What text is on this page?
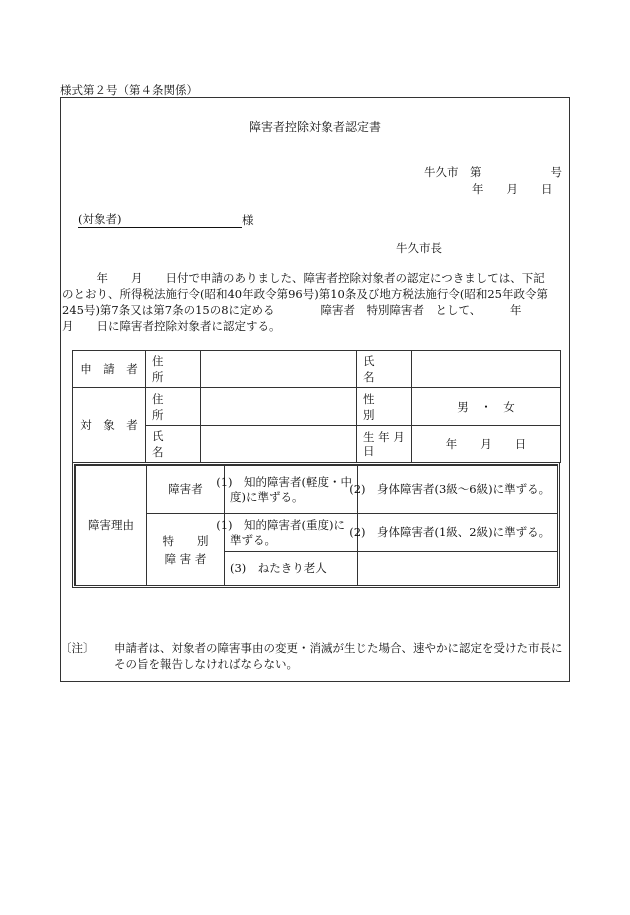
様式第２号（第４条関係）
障害者控除対象者認定書
牛久市　第　　　　　　号
年　　月　　日
(対象者)	様
牛久市長

　　　年　　月　　日付で申請のありました、障害者控除対象者の認定につきましては、下記

のとおり、所得税法施行令(昭和40年政令第96号)第10条及び地方税法施行令(昭和25年政令第

245号)第7条又は第7条の15の8に定める　　　　障害者　特別障害者　として、　　　年

月　　日に障害者控除対象者に認定する。

申　請　者	住　　所		氏　　名	
対　象　者	住　　所		性　　別	男　・　女
	氏　　名		生 年 月 日	年　　月　　日
障害理由	障害者	(1)　知的障害者(軽度・中度)に準ずる。	(2)　身体障害者(3級～6級)に準ずる。

	特　　別
障 害 者	(1)　知的障害者(重度)に準ずる。	(2)　身体障害者(1級、2級)に準ずる。
		(3)　ねたきり老人	
〔注〕	申請者は、対象者の障害事由の変更・消滅が生じた場合、速やかに認定を受けた市長にその旨を報告しなければならない。
